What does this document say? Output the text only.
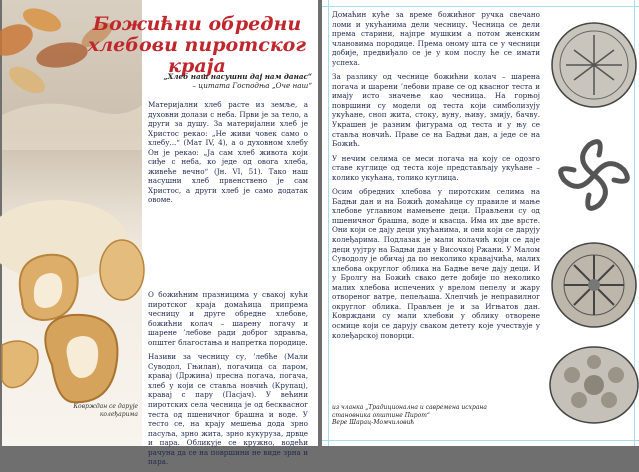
Божићни обредни хлебови пиротског краја
„Хлеб наш насушни дај нам данас“
– цитата Господња „Оче наш“

Материјални хлеб расте из земље, а духовни долази с неба. Први је за тело, а други за душу. За материјални хлеб је Христос рекао: „Не живи човек само о хлебу...“ (Мат IV, 4), а о духовном хлебу Он је рекао: „Ја сам хлеб живота који сиђе с неба, ко једе од овога хлеба, живеће вечно“ (Јн. VI, 51). Тако наш насушни хлеб првенствено је сам Христос, а други хлеб је само додатак овоме.

О божићним празницима у свакој кући пиротског краја домаћица припрема чесницу и друге обредне хлебове, божићни колач – шарену погачу и шарене ’лебове ради доброг здравља, општег благостања и напретка породице.

Називи за чесницу су, ’лебће (Мали Суводол, Гњилан), погачица са паром, кравај (Држина) пресна погача, погача, хлеб у који се ставља новчић (Крупац), кравај с пару (Пасјач). У већини пиротских села чесница је од бесквасног теста од пшеничног брашна и воде. У тесто се, на крају мешења дода зрно пасуља, зрно жита, зрно кукуруза, дрвце и пара. Обликује се кружно, водећи рачуна да се на површини не виде зрна и пара.

Коврждан се дарује колеђарима

Домаћин куће за време божићног ручка свечано ломи и укућанима дели чесницу. Чесница се дели према старини, најпре мушким а потом женским члановима породице. Према оному шта се у чесници добије, предвиђало се је у ком послу ће се имати успеха.

За разлику од чеснице божићни колач – шарена погача и шарени ’лебови праве се од квасног теста и имају исто значење као чесница. На горњој површини су модели од теста који симболизују укућане, сноп жита, стоку, вуну, њиву, змију, бачву. Украшен је разним фигурама од теста и у њу се ставља новчић. Праве се на Бадњи дан, а једе се на Божић.

У нечим селима се меси погача на коју се одозго ставе куглице од теста које представљају укућане – колико укућана, толико куглица.

Осим обредних хлебова у пиротским селима на Бадњи дан и на Божић домаћице су правиле и мање хлебове углавном намењене деци. Прављени су од пшеничног брашна, воде и квасца. Има их две врсте. Они који се дају деци укућанима, и они који се дарују колеђарима. Подлазак је мали колачић који се даје деци уујтру на Бадњи дан у Височкој Ржани. У Малом Суводолу је обичај да по неколико кравајчића, малих хлебова округлог облика на Бадње вече дају деци. И у Бролгу на Божић свако дете добије по неколико малих хлебова испечених у врелом пепелу и жару отвореног ватре, пепељаша. Хлепчић је неправилног округлог облика. Прављен је и за Игњатов дан. Коврждани су мали хлебови у облику отворене осмице који се дарују свакoм детету које учествује у колеђарској поворци.

из чланка „Традиционална и савремена исхрана
становника општине Пирот“
Вере Шарац-Момчиловић
